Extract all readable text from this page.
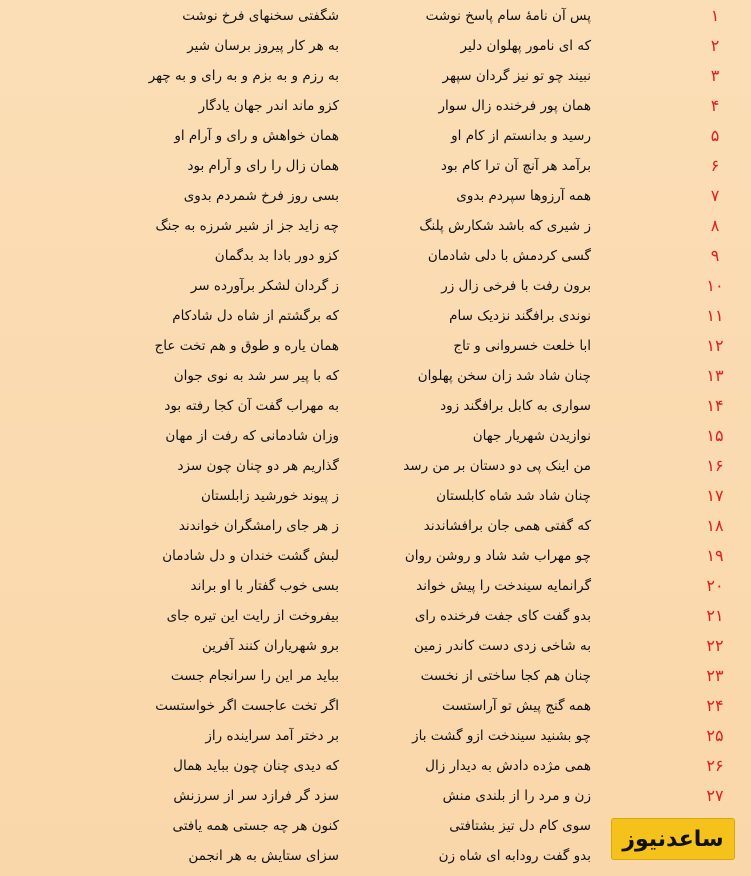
۱
پس آن نامهٔ سام پاسخ نوشت
شگفتی سخنهای فرخ نوشت
۲
که ای نامور پهلوان دلیر
به هر کار پیروز برسان شیر
۳
نبیند چو تو نیز گردان سپهر
به رزم و به بزم و به رای و به چهر
۴
همان پور فرخنده زال سوار
کزو ماند اندر جهان یادگار
۵
رسید و بدانستم از کام او
همان خواهش و رای و آرام او
۶
برآمد هر آنچ آن ترا کام بود
همان زال را رای و آرام بود
۷
همه آرزوها سپردم بدوی
بسی روز فرخ شمردم بدوی
۸
ز شیری که باشد شکارش پلنگ
چه زاید جز از شیر شرزه به جنگ
۹
گسی کردمش با دلی شادمان
کزو دور بادا بد بدگمان
۱۰
برون رفت با فرخی زال زر
ز گردان لشکر برآورده سر
۱۱
نوندی برافگند نزدیک سام
که برگشتم از شاه دل شادکام
۱۲
ابا خلعت خسروانی و تاج
همان یاره و طوق و هم تخت عاج
۱۳
چنان شاد شد زان سخن پهلوان
که با پیر سر شد به نوی جوان
۱۴
سواری به کابل برافگند زود
به مهراب گفت آن کجا رفته بود
۱۵
نوازیدن شهریار جهان
وزان شادمانی که رفت از مهان
۱۶
من اینک پی دو دستان بر من رسد
گذاریم هر دو چنان چون سزد
۱۷
چنان شاد شد شاه کابلستان
ز پیوند خورشید زابلستان
۱۸
که گفتی همی جان برافشاندند
ز هر جای رامشگران خواندند
۱۹
چو مهراب شد شاد و روشن روان
لبش گشت خندان و دل شادمان
۲۰
گرانمایه سیندخت را پیش خواند
بسی خوب گفتار با او براند
۲۱
بدو گفت کای جفت فرخنده رای
بیفروخت از رایت این تیره جای
۲۲
به شاخی زدی دست کاندر زمین
برو شهریاران کنند آفرین
۲۳
چنان هم کجا ساختی از نخست
بباید مر این را سرانجام جست
۲۴
همه گنج پیش تو آراستست
اگر تخت عاجست اگر خواستست
۲۵
چو بشنید سیندخت ازو گشت باز
بر دختر آمد سراینده راز
۲۶
همی مژده دادش به دیدار زال
که دیدی چنان چون بباید همال
۲۷
زن و مرد را از بلندی منش
سزد گر فرازد سر از سرزنش
سوی کام دل تیز بشتافتی
کنون هر چه جستی همه یافتی
بدو گفت رودابه ای شاه زن
سزای ستایش به هر انجمن
ساعدنیوز
